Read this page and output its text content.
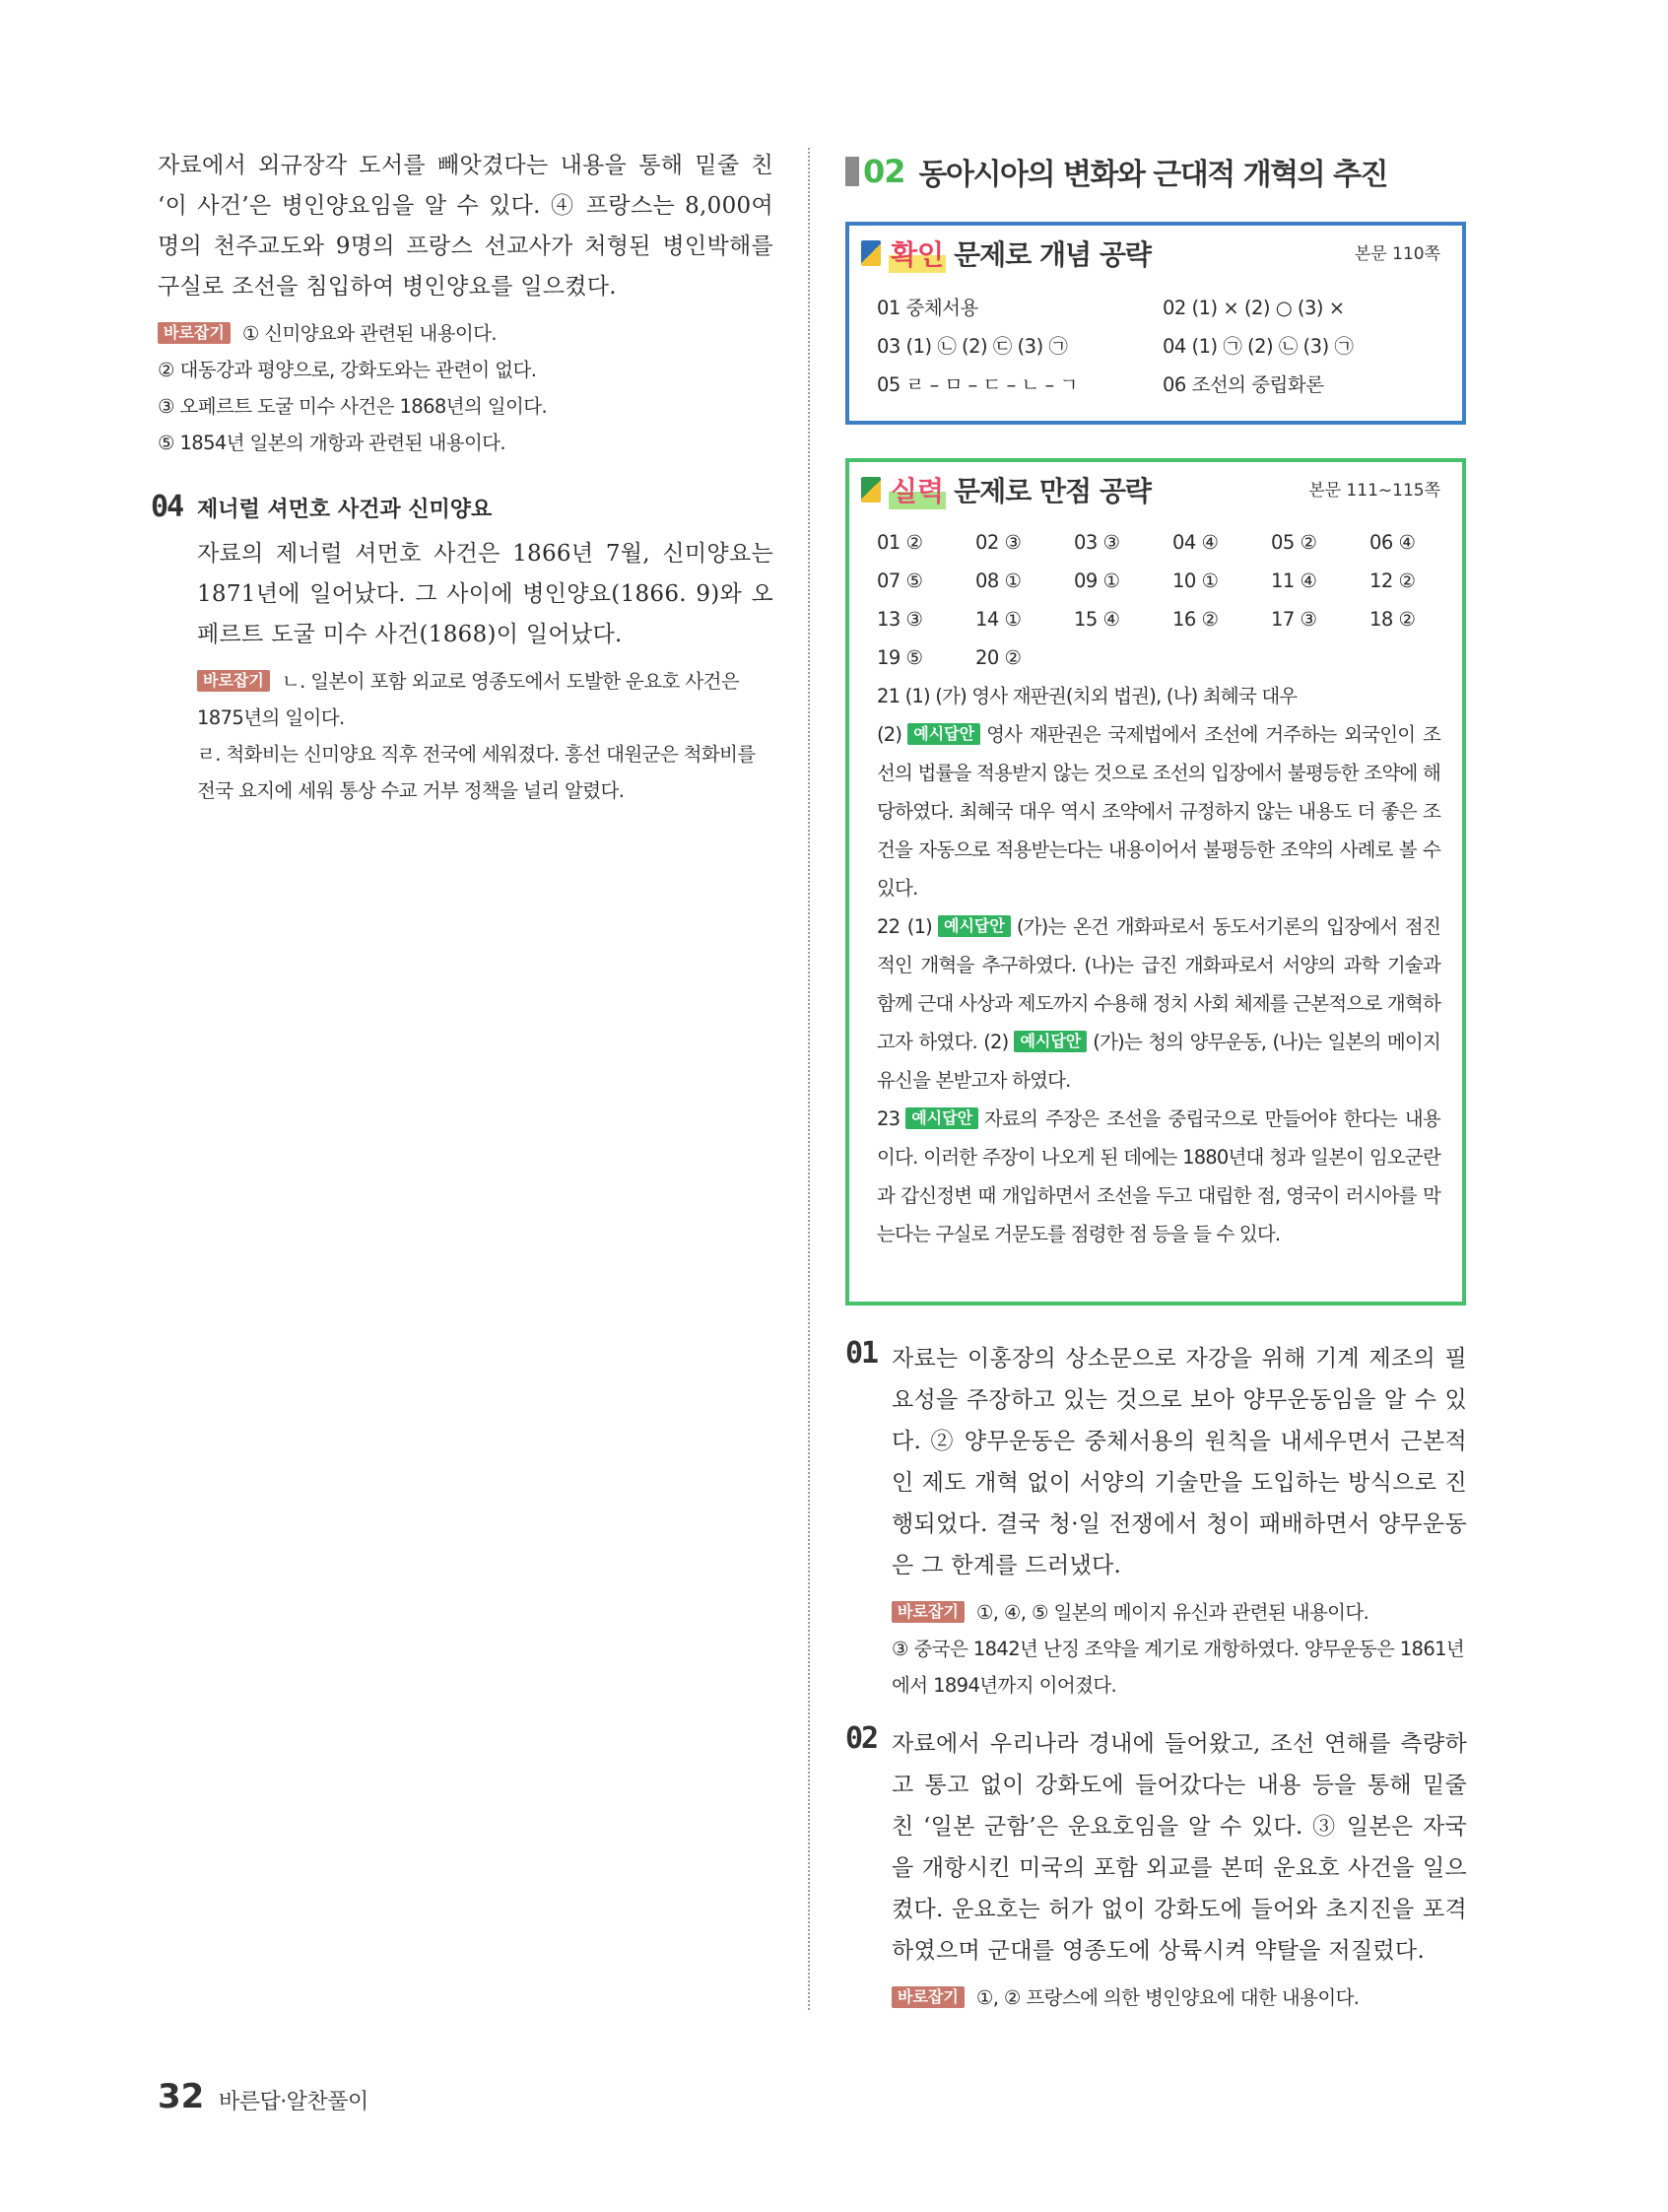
자료에서 외규장각 도서를 빼앗겼다는 내용을 통해 밑줄 친 ‘이 사건’은 병인양요임을 알 수 있다. ④ 프랑스는 8,000여 명의 천주교도와 9명의 프랑스 선교사가 처형된 병인박해를 구실로 조선을 침입하여 병인양요를 일으켰다.

바로잡기 ① 신미양요와 관련된 내용이다.

② 대동강과 평양으로, 강화도와는 관련이 없다.

③ 오페르트 도굴 미수 사건은 1868년의 일이다.

⑤ 1854년 일본의 개항과 관련된 내용이다.

04 제너럴 셔먼호 사건과 신미양요

자료의 제너럴 셔먼호 사건은 1866년 7월, 신미양요는 1871년에 일어났다. 그 사이에 병인양요(1866. 9)와 오페르트 도굴 미수 사건(1868)이 일어났다.

바로잡기 ㄴ. 일본이 포함 외교로 영종도에서 도발한 운요호 사건은 1875년의 일이다.

ㄹ. 척화비는 신미양요 직후 전국에 세워졌다. 흥선 대원군은 척화비를 전국 요지에 세워 통상 수교 거부 정책을 널리 알렸다.

02 동아시아의 변화와 근대적 개혁의 추진
확인 문제로 개념 공략	본문 110쪽
01 중체서용	02 (1) × (2) ○ (3) ×
03 (1) ㉡ (2) ㉢ (3) ㉠	04 (1) ㉠ (2) ㉡ (3) ㉠
05 ㄹ – ㅁ – ㄷ – ㄴ – ㄱ	06 조선의 중립화론
실력 문제로 만점 공략	본문 111~115쪽
01 ②	02 ③	03 ③	04 ④	05 ②	06 ④
07 ⑤	08 ①	09 ①	10 ①	11 ④	12 ②
13 ③	14 ①	15 ④	16 ②	17 ③	18 ②
19 ⑤	20 ②

21 (1) (가) 영사 재판권(치외 법권), (나) 최혜국 대우

(2) 예시답안 영사 재판권은 국제법에서 조선에 거주하는 외국인이 조선의 법률을 적용받지 않는 것으로 조선의 입장에서 불평등한 조약에 해당하였다. 최혜국 대우 역시 조약에서 규정하지 않는 내용도 더 좋은 조건을 자동으로 적용받는다는 내용이어서 불평등한 조약의 사례로 볼 수 있다.

22 (1) 예시답안 (가)는 온건 개화파로서 동도서기론의 입장에서 점진적인 개혁을 추구하였다. (나)는 급진 개화파로서 서양의 과학 기술과 함께 근대 사상과 제도까지 수용해 정치 사회 체제를 근본적으로 개혁하고자 하였다. (2) 예시답안 (가)는 청의 양무운동, (나)는 일본의 메이지 유신을 본받고자 하였다.

23 예시답안 자료의 주장은 조선을 중립국으로 만들어야 한다는 내용이다. 이러한 주장이 나오게 된 데에는 1880년대 청과 일본이 임오군란과 갑신정변 때 개입하면서 조선을 두고 대립한 점, 영국이 러시아를 막는다는 구실로 거문도를 점령한 점 등을 들 수 있다.

01 자료는 이홍장의 상소문으로 자강을 위해 기계 제조의 필요성을 주장하고 있는 것으로 보아 양무운동임을 알 수 있다. ② 양무운동은 중체서용의 원칙을 내세우면서 근본적인 제도 개혁 없이 서양의 기술만을 도입하는 방식으로 진행되었다. 결국 청·일 전쟁에서 청이 패배하면서 양무운동은 그 한계를 드러냈다.

바로잡기 ①, ④, ⑤ 일본의 메이지 유신과 관련된 내용이다.

③ 중국은 1842년 난징 조약을 계기로 개항하였다. 양무운동은 1861년에서 1894년까지 이어졌다.

02 자료에서 우리나라 경내에 들어왔고, 조선 연해를 측량하고 통고 없이 강화도에 들어갔다는 내용 등을 통해 밑줄 친 ‘일본 군함’은 운요호임을 알 수 있다. ③ 일본은 자국을 개항시킨 미국의 포함 외교를 본떠 운요호 사건을 일으켰다. 운요호는 허가 없이 강화도에 들어와 초지진을 포격하였으며 군대를 영종도에 상륙시켜 약탈을 저질렀다.

바로잡기 ①, ② 프랑스에 의한 병인양요에 대한 내용이다.

32 바른답·알찬풀이
